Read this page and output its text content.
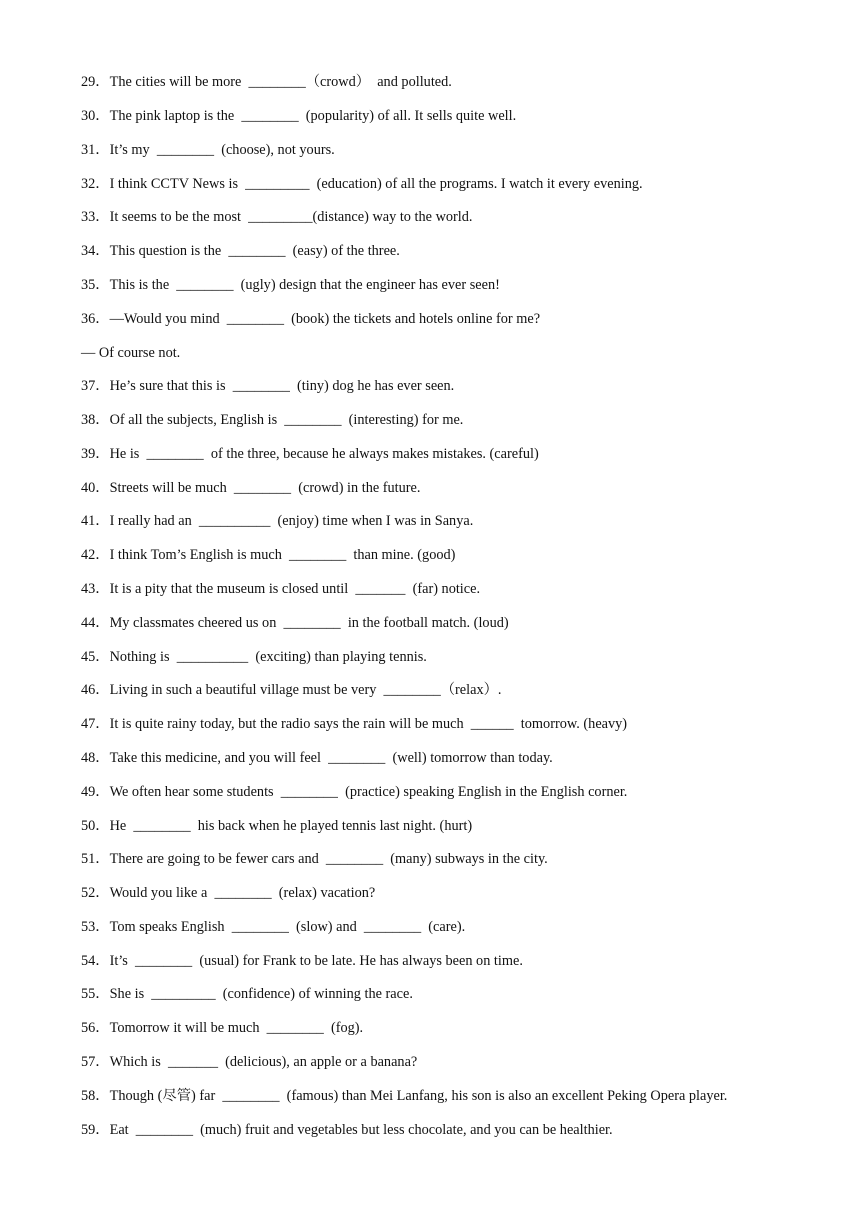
29．The cities will be more  ________（crowd）  and polluted.
30．The pink laptop is the  ________  (popularity) of all. It sells quite well.
31．It’s my  ________  (choose), not yours.
32．I think CCTV News is  _________  (education) of all the programs. I watch it every evening.
33．It seems to be the most  _________(distance) way to the world.
34．This question is the  ________  (easy) of the three.
35．This is the  ________  (ugly) design that the engineer has ever seen!
36．—Would you mind  ________  (book) the tickets and hotels online for me?
— Of course not.
37．He’s sure that this is  ________  (tiny) dog he has ever seen.
38．Of all the subjects, English is  ________  (interesting) for me.
39．He is  ________  of the three, because he always makes mistakes. (careful)
40．Streets will be much  ________  (crowd) in the future.
41．I really had an  __________  (enjoy) time when I was in Sanya.
42．I think Tom’s English is much  ________  than mine. (good)
43．It is a pity that the museum is closed until  _______  (far) notice.
44．My classmates cheered us on  ________  in the football match. (loud)
45．Nothing is  __________  (exciting) than playing tennis.
46．Living in such a beautiful village must be very  ________（relax）.
47．It is quite rainy today, but the radio says the rain will be much  ______  tomorrow. (heavy)
48．Take this medicine, and you will feel  ________  (well) tomorrow than today.
49．We often hear some students  ________  (practice) speaking English in the English corner.
50．He  ________  his back when he played tennis last night. (hurt)
51．There are going to be fewer cars and  ________  (many) subways in the city.
52．Would you like a  ________  (relax) vacation?
53．Tom speaks English  ________  (slow) and  ________  (care).
54．It’s  ________  (usual) for Frank to be late. He has always been on time.
55．She is  _________  (confidence) of winning the race.
56．Tomorrow it will be much  ________  (fog).
57．Which is  _______  (delicious), an apple or a banana?
58．Though (尽管) far  ________  (famous) than Mei Lanfang, his son is also an excellent Peking Opera player.
59．Eat  ________  (much) fruit and vegetables but less chocolate, and you can be healthier.
